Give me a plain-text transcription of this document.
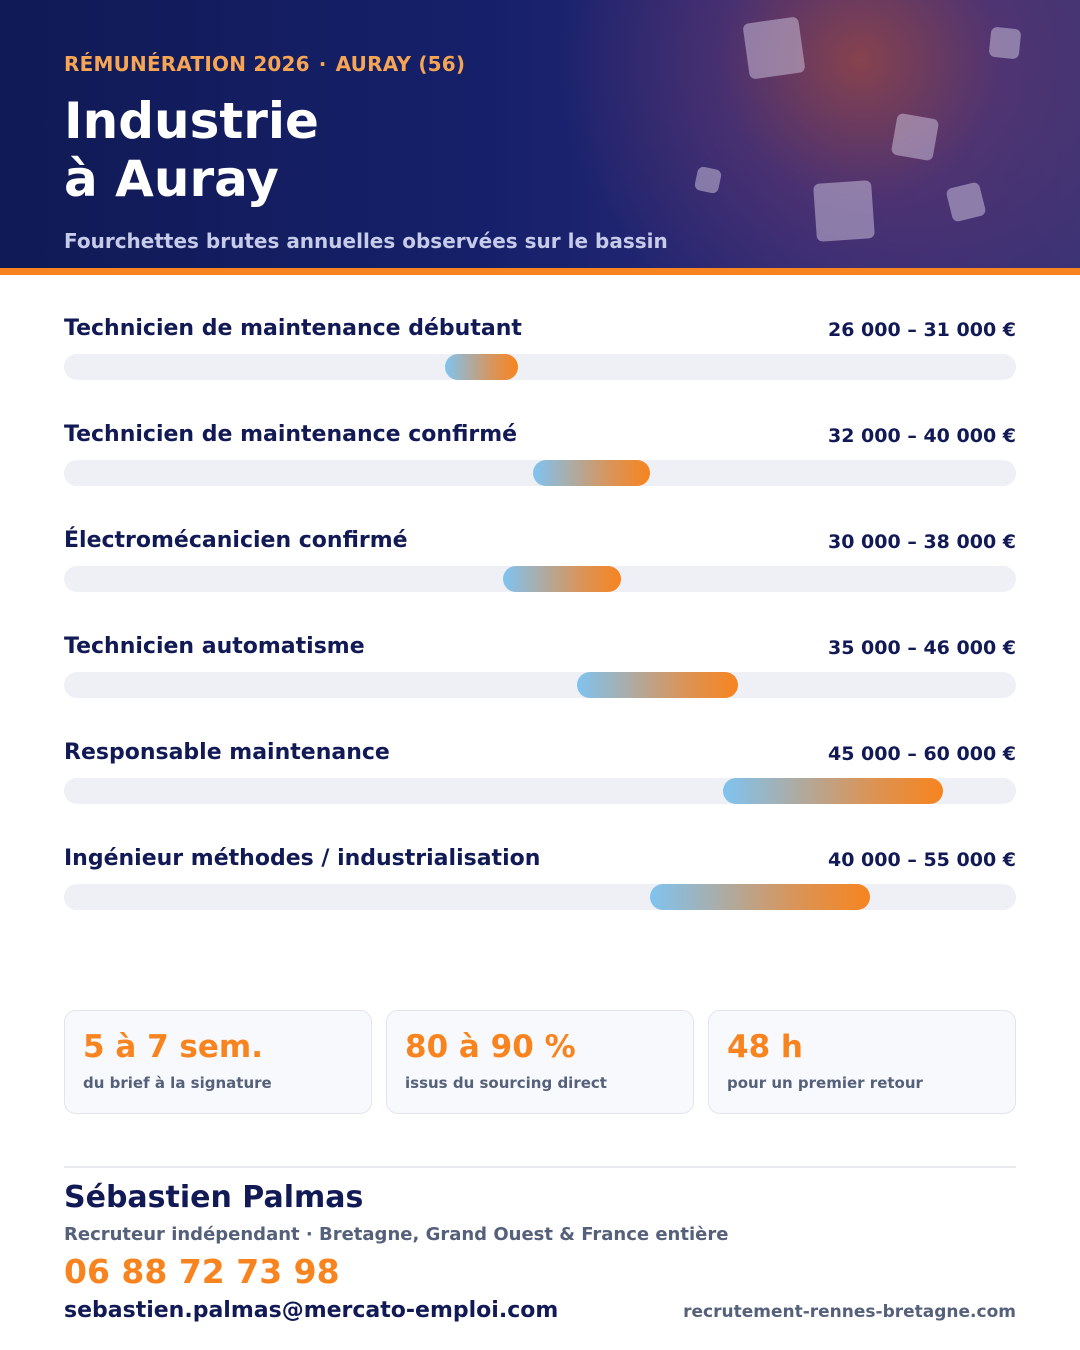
RÉMUNÉRATION 2026 · AURAY (56)
Industrie
à Auray
Fourchettes brutes annuelles observées sur le bassin
Technicien de maintenance débutant	26 000 – 31 000 €
Technicien de maintenance confirmé	32 000 – 40 000 €
Électromécanicien confirmé	30 000 – 38 000 €
Technicien automatisme	35 000 – 46 000 €
Responsable maintenance	45 000 – 60 000 €
Ingénieur méthodes / industrialisation	40 000 – 55 000 €
5 à 7 sem.
du brief à la signature
80 à 90 %
issus du sourcing direct
48 h
pour un premier retour
Sébastien Palmas
Recruteur indépendant · Bretagne, Grand Ouest & France entière
06 88 72 73 98
sebastien.palmas@mercato-emploi.com	recrutement-rennes-bretagne.com
